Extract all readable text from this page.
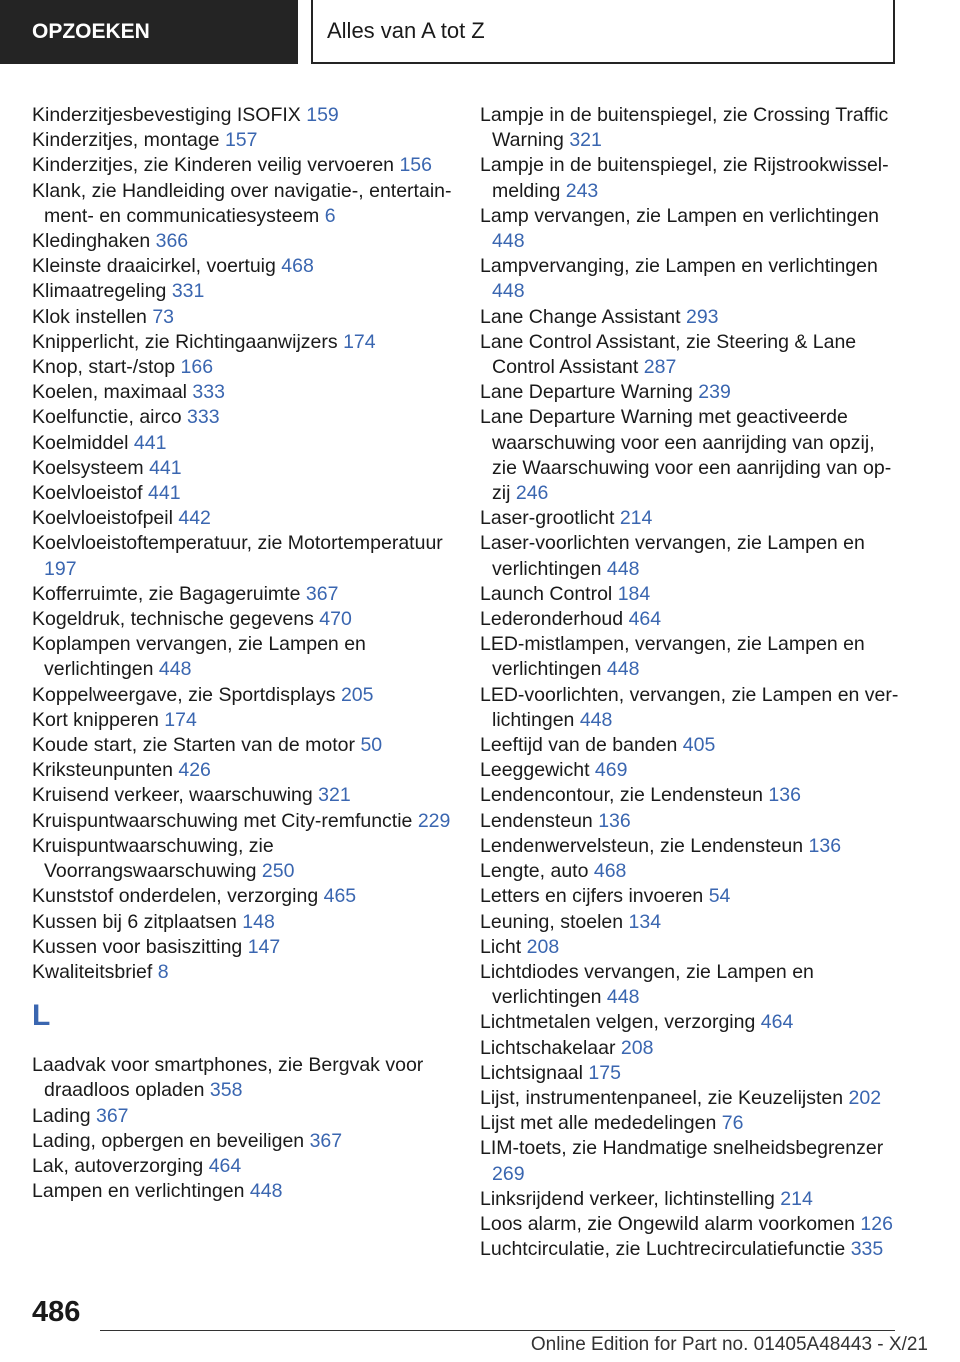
OPZOEKEN	Alles van A tot Z
Kinderzitjesbevestiging ISOFIX 159
Kinderzitjes, montage 157
Kinderzitjes, zie Kinderen veilig vervoeren 156
Klank, zie Handleiding over navigatie-, entertainment- en communicatiesysteem 6
Kledinghaken 366
Kleinste draaicirkel, voertuig 468
Klimaatregeling 331
Klok instellen 73
Knipperlicht, zie Richtingaanwijzers 174
Knop, start-/stop 166
Koelen, maximaal 333
Koelfunctie, airco 333
Koelmiddel 441
Koelsysteem 441
Koelvloeistof 441
Koelvloeistofpeil 442
Koelvloeistoftemperatuur, zie Motortemperatuur 197
Kofferruimte, zie Bagageruimte 367
Kogeldruk, technische gegevens 470
Koplampen vervangen, zie Lampen en verlichtingen 448
Koppelweergave, zie Sportdisplays 205
Kort knipperen 174
Koude start, zie Starten van de motor 50
Kriksteunpunten 426
Kruisend verkeer, waarschuwing 321
Kruispuntwaarschuwing met City-remfunctie 229
Kruispuntwaarschuwing, zie Voorrangswaarschuwing 250
Kunststof onderdelen, verzorging 465
Kussen bij 6 zitplaatsen 148
Kussen voor basiszitting 147
Kwaliteitsbrief 8
L
Laadvak voor smartphones, zie Bergvak voor draadloos opladen 358
Lading 367
Lading, opbergen en beveiligen 367
Lak, autoverzorging 464
Lampen en verlichtingen 448
Lampje in de buitenspiegel, zie Crossing Traffic Warning 321
Lampje in de buitenspiegel, zie Rijstrookwisselmelding 243
Lamp vervangen, zie Lampen en verlichtingen 448
Lampvervanging, zie Lampen en verlichtingen 448
Lane Change Assistant 293
Lane Control Assistant, zie Steering & Lane Control Assistant 287
Lane Departure Warning 239
Lane Departure Warning met geactiveerde waarschuwing voor een aanrijding van opzij, zie Waarschuwing voor een aanrijding van opzij 246
Laser-grootlicht 214
Laser-voorlichten vervangen, zie Lampen en verlichtingen 448
Launch Control 184
Lederonderhoud 464
LED-mistlampen, vervangen, zie Lampen en verlichtingen 448
LED-voorlichten, vervangen, zie Lampen en verlichtingen 448
Leeftijd van de banden 405
Leeggewicht 469
Lendencontour, zie Lendensteun 136
Lendensteun 136
Lendenwervelsteun, zie Lendensteun 136
Lengte, auto 468
Letters en cijfers invoeren 54
Leuning, stoelen 134
Licht 208
Lichtdiodes vervangen, zie Lampen en verlichtingen 448
Lichtmetalen velgen, verzorging 464
Lichtschakelaar 208
Lichtsignaal 175
Lijst, instrumentenpaneel, zie Keuzelijsten 202
Lijst met alle mededelingen 76
LIM-toets, zie Handmatige snelheidsbegrenzer 269
Linksrijdend verkeer, lichtinstelling 214
Loos alarm, zie Ongewild alarm voorkomen 126
Luchtcirculatie, zie Luchtrecirculatiefunctie 335
486
Online Edition for Part no. 01405A48443 - X/21
